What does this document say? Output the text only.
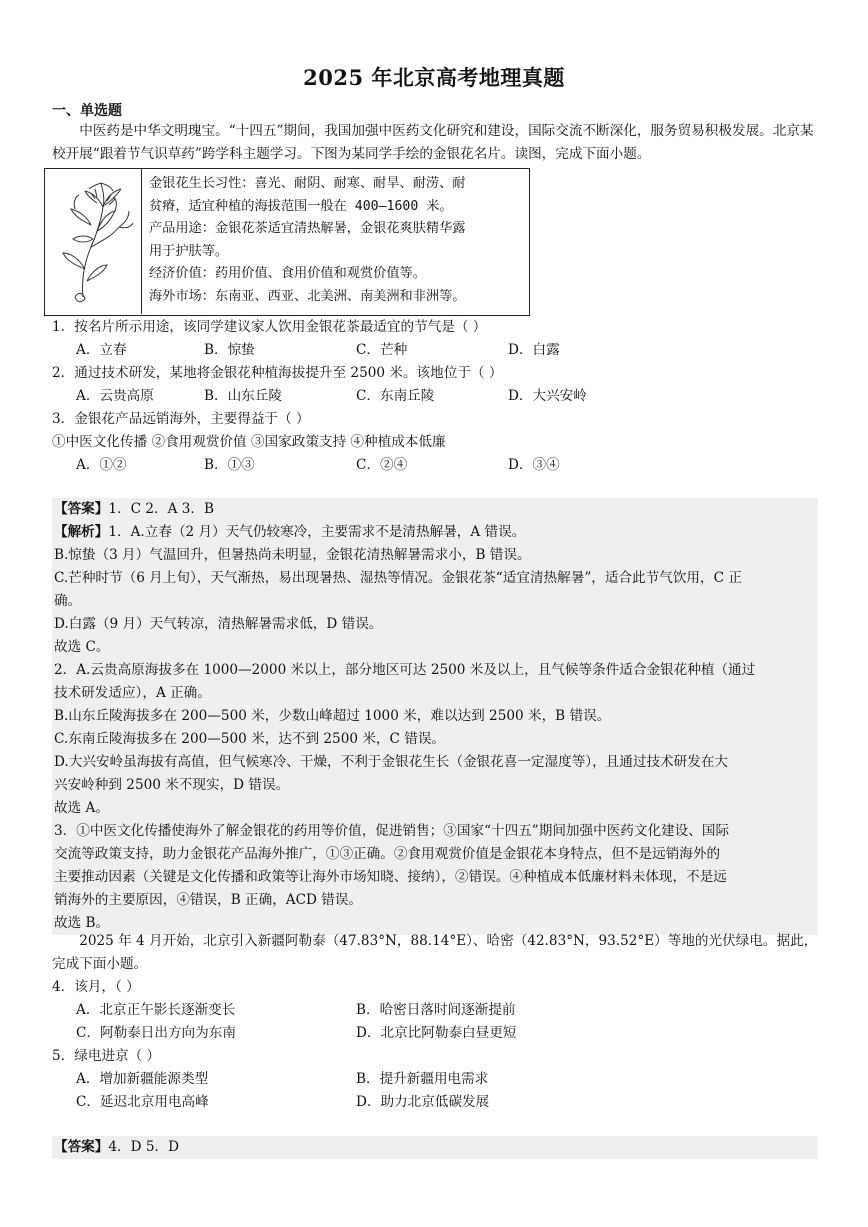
2025 年北京高考地理真题
一、单选题
中医药是中华文明瑰宝。“十四五”期间，我国加强中医药文化研究和建设，国际交流不断深化，服务贸易积极发展。北京某校开展“跟着节气识草药”跨学科主题学习。下图为某同学手绘的金银花名片。读图，完成下面小题。
金银花生长习性：喜光、耐阴、耐寒、耐旱、耐涝、耐
贫瘠，适宜种植的海拔范围一般在 400—1600 米。
产品用途：金银花茶适宜清热解暑，金银花爽肤精华露
用于护肤等。
经济价值：药用价值、食用价值和观赏价值等。
海外市场：东南亚、西亚、北美洲、南美洲和非洲等。
1．按名片所示用途，该同学建议家人饮用金银花茶最适宜的节气是（ ）
A．立春	B．惊蛰	C．芒种	D．白露
2．通过技术研发，某地将金银花种植海拔提升至 2500 米。该地位于（ ）
A．云贵高原	B．山东丘陵	C．东南丘陵	D．大兴安岭
3．金银花产品远销海外，主要得益于（ ）
①中医文化传播 ②食用观赏价值 ③国家政策支持 ④种植成本低廉
A．①②	B．①③	C．②④	D．③④
【答案】1．C 2．A 3．B
【解析】1．A.立春（2 月）天气仍较寒冷，主要需求不是清热解暑，A 错误。
B.惊蛰（3 月）气温回升，但暑热尚未明显，金银花清热解暑需求小，B 错误。
C.芒种时节（6 月上旬），天气渐热，易出现暑热、湿热等情况。金银花茶“适宜清热解暑”，适合此节气饮用，C 正
确。
D.白露（9 月）天气转凉，清热解暑需求低，D 错误。
故选 C。
2．A.云贵高原海拔多在 1000—2000 米以上，部分地区可达 2500 米及以上，且气候等条件适合金银花种植（通过
技术研发适应），A 正确。
B.山东丘陵海拔多在 200—500 米，少数山峰超过 1000 米，难以达到 2500 米，B 错误。
C.东南丘陵海拔多在 200—500 米，达不到 2500 米，C 错误。
D.大兴安岭虽海拔有高值，但气候寒冷、干燥，不利于金银花生长（金银花喜一定湿度等），且通过技术研发在大
兴安岭种到 2500 米不现实，D 错误。
故选 A。
3．①中医文化传播使海外了解金银花的药用等价值，促进销售；③国家“十四五”期间加强中医药文化建设、国际
交流等政策支持，助力金银花产品海外推广，①③正确。②食用观赏价值是金银花本身特点，但不是远销海外的
主要推动因素（关键是文化传播和政策等让海外市场知晓、接纳），②错误。④种植成本低廉材料未体现，不是远
销海外的主要原因，④错误，B 正确，ACD 错误。
故选 B。
2025 年 4 月开始，北京引入新疆阿勒泰（47.83°N，88.14°E）、哈密（42.83°N，93.52°E）等地的光伏绿电。据此，完成下面小题。
4．该月，（ ）
A．北京正午影长逐渐变长	B．哈密日落时间逐渐提前
C．阿勒泰日出方向为东南	D．北京比阿勒泰白昼更短
5．绿电进京（ ）
A．增加新疆能源类型	B．提升新疆用电需求
C．延迟北京用电高峰	D．助力北京低碳发展
【答案】4．D 5．D
